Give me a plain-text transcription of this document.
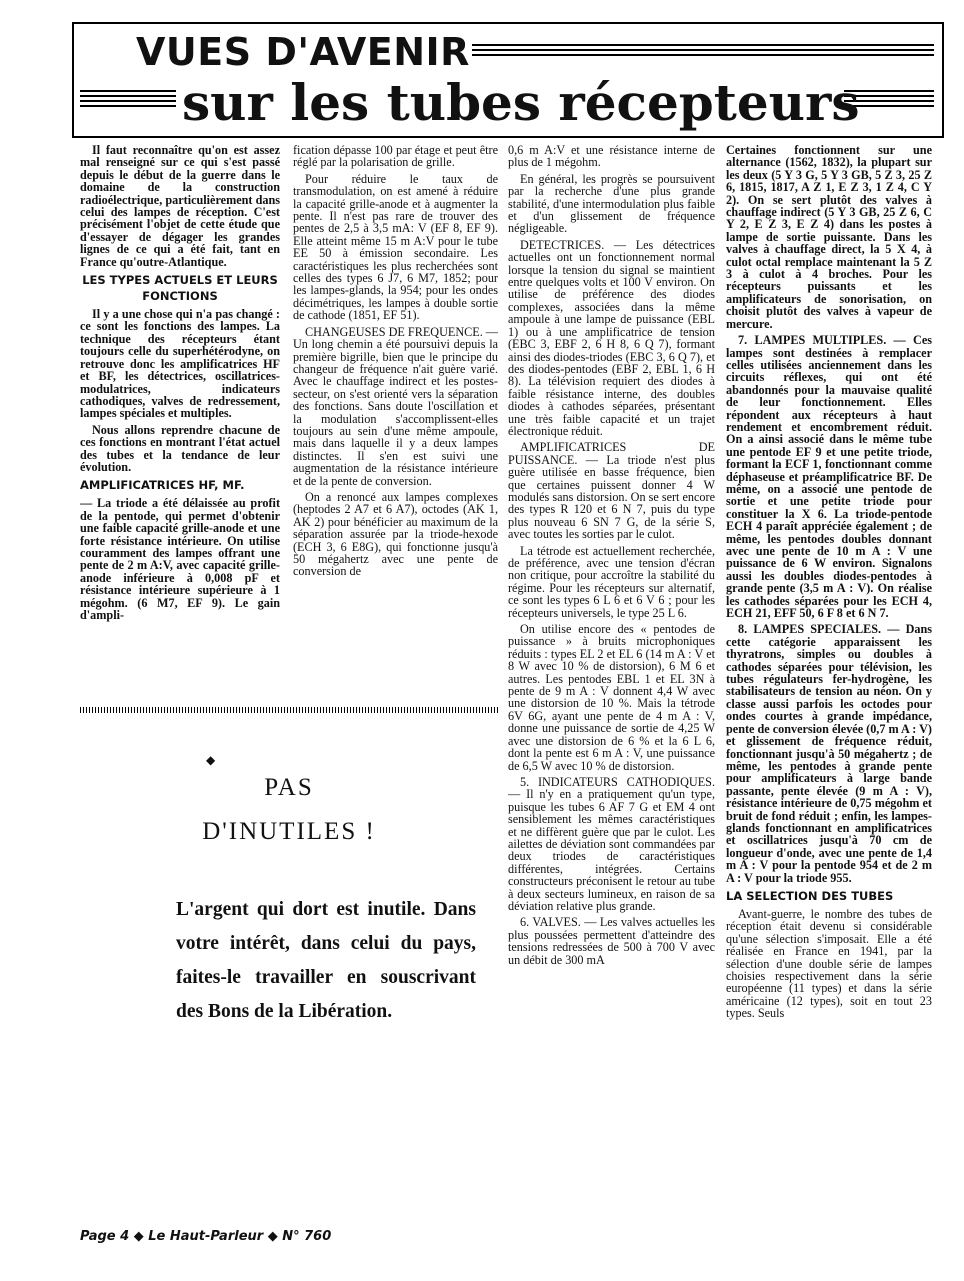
VUES D'AVENIR
sur les tubes récepteurs

Il faut reconnaître qu'on est assez mal renseigné sur ce qui s'est passé depuis le début de la guerre dans le domaine de la construction radioélectrique, particulièrement dans celui des lampes de réception. C'est précisément l'objet de cette étude que d'essayer de dégager les grandes lignes de ce qui a été fait, tant en France qu'outre-Atlantique.

LES TYPES ACTUELS ET LEURS FONCTIONS

Il y a une chose qui n'a pas changé : ce sont les fonctions des lampes. La technique des récepteurs étant toujours celle du superhétérodyne, on retrouve donc les amplificatrices HF et BF, les détectrices, oscillatrices-modulatrices, indicateurs cathodiques, valves de redressement, lampes spéciales et multiples.

Nous allons reprendre chacune de ces fonctions en montrant l'état actuel des tubes et la tendance de leur évolution.

AMPLIFICATRICES HF, MF.

— La triode a été délaissée au profit de la pentode, qui permet d'obtenir une faible capacité grille-anode et une forte résistance intérieure. On utilise couramment des lampes offrant une pente de 2 m A:V, avec capacité grille-anode inférieure à 0,008 pF et résistance intérieure supérieure à 1 mégohm. (6 M7, EF 9). Le gain d'ampli-

fication dépasse 100 par étage et peut être réglé par la polarisation de grille.

Pour réduire le taux de transmodulation, on est amené à réduire la capacité grille-anode et à augmenter la pente. Il n'est pas rare de trouver des pentes de 2,5 à 3,5 mA: V (EF 8, EF 9). Elle atteint même 15 m A:V pour le tube EE 50 à émission secondaire. Les caractéristiques les plus recherchées sont celles des types 6 J7, 6 M7, 1852; pour les lampes-glands, la 954; pour les ondes décimétriques, les lampes à double sortie de cathode (1851, EF 51).

CHANGEUSES DE FREQUENCE. — Un long chemin a été poursuivi depuis la première bigrille, bien que le principe du changeur de fréquence n'ait guère varié. Avec le chauffage indirect et les postes-secteur, on s'est orienté vers la séparation des fonctions. Sans doute l'oscillation et la modulation s'accomplissent-elles toujours au sein d'une même ampoule, mais dans laquelle il y a deux lampes distinctes. Il s'en est suivi une augmentation de la résistance intérieure et de la pente de conversion.

On a renoncé aux lampes complexes (heptodes 2 A7 et 6 A7), octodes (AK 1, AK 2) pour bénéficier au maximum de la séparation assurée par la triode-hexode (ECH 3, 6 E8G), qui fonctionne jusqu'à 50 mégahertz avec une pente de conversion de

◆
PAS
D'INUTILES !
L'argent qui dort est inutile. Dans votre intérêt, dans celui du pays, faites-le travailler en souscrivant des Bons de la Libération.

0,6 m A:V et une résistance interne de plus de 1 mégohm.

En général, les progrès se poursuivent par la recherche d'une plus grande stabilité, d'une intermodulation plus faible et d'un glissement de fréquence négligeable.

DETECTRICES. — Les détectrices actuelles ont un fonctionnement normal lorsque la tension du signal se maintient entre quelques volts et 100 V environ. On utilise de préférence des diodes complexes, associées dans la même ampoule à une lampe de puissance (EBL 1) ou à une amplificatrice de tension (EBC 3, EBF 2, 6 H 8, 6 Q 7), formant ainsi des diodes-triodes (EBC 3, 6 Q 7), et des diodes-pentodes (EBF 2, EBL 1, 6 H 8). La télévision requiert des diodes à faible résistance interne, des doubles diodes à cathodes séparées, présentant une très faible capacité et un trajet électronique réduit.

AMPLIFICATRICES DE PUISSANCE. — La triode n'est plus guère utilisée en basse fréquence, bien que certaines puissent donner 4 W modulés sans distorsion. On se sert encore des types R 120 et 6 N 7, puis du type plus nouveau 6 SN 7 G, de la série S, avec toutes les sorties par le culot.

La tétrode est actuellement recherchée, de préférence, avec une tension d'écran non critique, pour accroître la stabilité du régime. Pour les récepteurs sur alternatif, ce sont les types 6 L 6 et 6 V 6 ; pour les récepteurs universels, le type 25 L 6.

On utilise encore des « pentodes de puissance » à bruits microphoniques réduits : types EL 2 et EL 6 (14 m A : V et 8 W avec 10 % de distorsion), 6 M 6 et autres. Les pentodes EBL 1 et EL 3N à pente de 9 m A : V donnent 4,4 W avec une distorsion de 10 %. Mais la tétrode 6V 6G, ayant une pente de 4 m A : V, donne une puissance de sortie de 4,25 W avec une distorsion de 6 % et la 6 L 6, dont la pente est 6 m A : V, une puissance de 6,5 W avec 10 % de distorsion.

5. INDICATEURS CATHODIQUES. — Il n'y en a pratiquement qu'un type, puisque les tubes 6 AF 7 G et EM 4 ont sensiblement les mêmes caractéristiques et ne diffèrent guère que par le culot. Les ailettes de déviation sont commandées par deux triodes de caractéristiques différentes, intégrées. Certains constructeurs préconisent le retour au tube à deux secteurs lumineux, en raison de sa déviation relative plus grande.

6. VALVES. — Les valves actuelles les plus poussées permettent d'atteindre des tensions redressées de 500 à 700 V avec un débit de 300 mA

Certaines fonctionnent sur une alternance (1562, 1832), la plupart sur les deux (5 Y 3 G, 5 Y 3 GB, 5 Z 3, 25 Z 6, 1815, 1817, A Z 1, E Z 3, 1 Z 4, C Y 2). On se sert plutôt des valves à chauffage indirect (5 Y 3 GB, 25 Z 6, C Y 2, E Z 3, E Z 4) dans les postes à lampe de sortie puissante. Dans les valves à chauffage direct, la 5 X 4, à culot octal remplace maintenant la 5 Z 3 à culot à 4 broches. Pour les récepteurs puissants et les amplificateurs de sonorisation, on choisit plutôt des valves à vapeur de mercure.

7. LAMPES MULTIPLES. — Ces lampes sont destinées à remplacer celles utilisées anciennement dans les circuits réflexes, qui ont été abandonnés pour la mauvaise qualité de leur fonctionnement. Elles répondent aux récepteurs à haut rendement et encombrement réduit. On a ainsi associé dans le même tube une pentode EF 9 et une petite triode, formant la ECF 1, fonctionnant comme déphaseuse et préamplificatrice BF. De même, on a associé une pentode de sortie et une petite triode pour constituer la X 6. La triode-pentode ECH 4 paraît appréciée également ; de même, les pentodes doubles donnant avec une pente de 10 m A : V une puissance de 6 W environ. Signalons aussi les doubles diodes-pentodes à grande pente (3,5 m A : V). On réalise les cathodes séparées pour les ECH 4, ECH 21, EFF 50, 6 F 8 et 6 N 7.

8. LAMPES SPECIALES. — Dans cette catégorie apparaissent les thyratrons, simples ou doubles à cathodes séparées pour télévision, les tubes régulateurs fer-hydrogène, les stabilisateurs de tension au néon. On y classe aussi parfois les octodes pour ondes courtes à grande impédance, pente de conversion élevée (0,7 m A : V) et glissement de fréquence réduit, fonctionnant jusqu'à 50 mégahertz ; de même, les pentodes à grande pente pour amplificateurs à large bande passante, pente élevée (9 m A : V), résistance intérieure de 0,75 mégohm et bruit de fond réduit ; enfin, les lampes-glands fonctionnant en amplificatrices et oscillatrices jusqu'à 70 cm de longueur d'onde, avec une pente de 1,4 m A : V pour la pentode 954 et de 2 m A : V pour la triode 955.

LA SELECTION DES TUBES

Avant-guerre, le nombre des tubes de réception était devenu si considérable qu'une sélection s'imposait. Elle a été réalisée en France en 1941, par la sélection d'une double série de lampes choisies respectivement dans la série européenne (11 types) et dans la série américaine (12 types), soit en tout 23 types. Seuls

Page 4 ◆ Le Haut-Parleur ◆ N° 760
